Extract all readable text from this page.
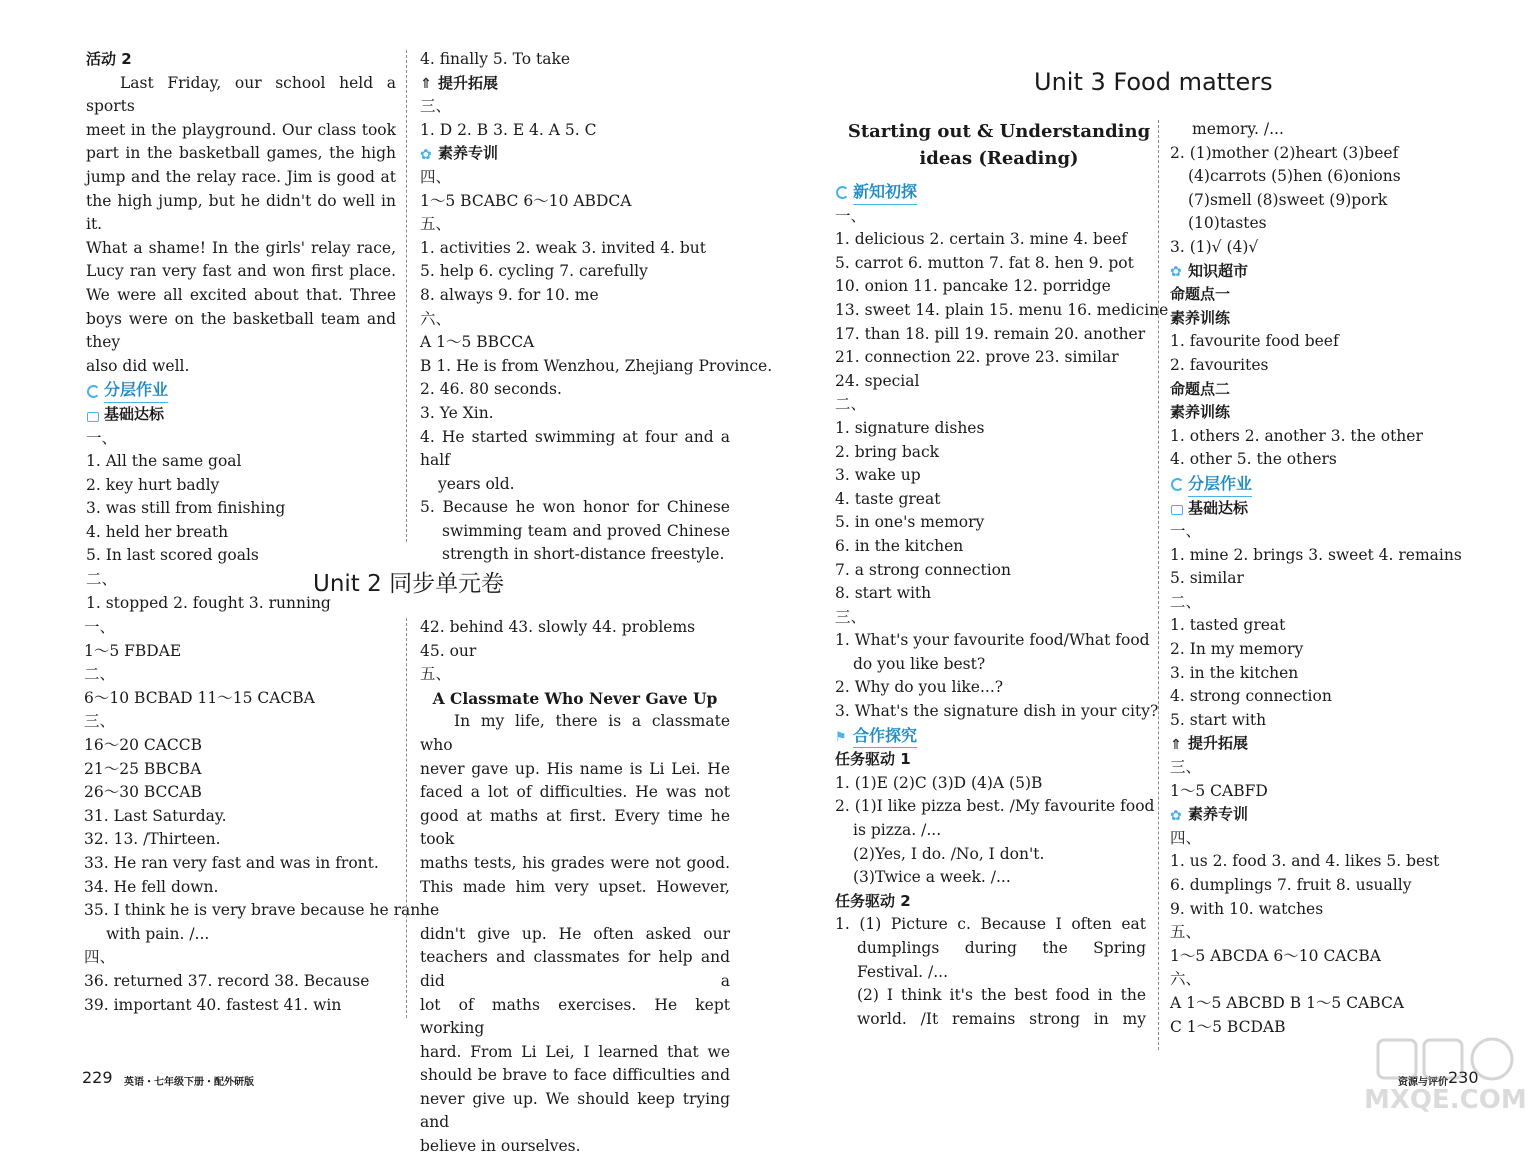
活动 2
Last Friday, our school held a sports
meet in the playground. Our class took
part in the basketball games, the high
jump and the relay race. Jim is good at
the high jump, but he didn't do well in it.
What a shame! In the girls' relay race,
Lucy ran very fast and won first place.
We were all excited about that. Three
boys were on the basketball team and they
also did well.
分层作业
基础达标
一、
1. All the same goal
2. key hurt badly
3. was still from finishing
4. held her breath
5. In last scored goals
二、
1. stopped 2. fought 3. running
4. finally 5. To take
⇑
提升拓展
三、
1. D 2. B 3. E 4. A 5. C
✿
素养专训
四、
1～5 BCABC 6～10 ABDCA
五、
1. activities 2. weak 3. invited 4. but
5. help 6. cycling 7. carefully
8. always 9. for 10. me
六、
A 1～5 BBCCA
B 1. He is from Wenzhou, Zhejiang Province.
2. 46. 80 seconds.
3. Ye Xin.
4. He started swimming at four and a half
years old.
5. Because he won honor for Chinese
swimming team and proved Chinese
strength in short-distance freestyle.
Unit 2 同步单元卷
一、
1～5 FBDAE
二、
6～10 BCBAD 11～15 CACBA
三、
16～20 CACCB
21～25 BBCBA
26～30 BCCAB
31. Last Saturday.
32. 13. /Thirteen.
33. He ran very fast and was in front.
34. He fell down.
35. I think he is very brave because he ran
with pain. /...
四、
36. returned 37. record 38. Because
39. important 40. fastest 41. win
42. behind 43. slowly 44. problems
45. our
五、
A Classmate Who Never Gave Up
In my life, there is a classmate who
never gave up. His name is Li Lei. He
faced a lot of difficulties. He was not
good at maths at first. Every time he took
maths tests, his grades were not good.
This made him very upset. However, he
didn't give up. He often asked our
teachers and classmates for help and did a
lot of maths exercises. He kept working
hard. From Li Lei, I learned that we
should be brave to face difficulties and
never give up. We should keep trying and
believe in ourselves.
229 英语・七年级下册・配外研版
Unit 3 Food matters
Starting out & Understanding
ideas (Reading)
新知初探
一、
1. delicious 2. certain 3. mine 4. beef
5. carrot 6. mutton 7. fat 8. hen 9. pot
10. onion 11. pancake 12. porridge
13. sweet 14. plain 15. menu 16. medicine
17. than 18. pill 19. remain 20. another
21. connection 22. prove 23. similar
24. special
二、
1. signature dishes
2. bring back
3. wake up
4. taste great
5. in one's memory
6. in the kitchen
7. a strong connection
8. start with
三、
1. What's your favourite food/What food
do you like best?
2. Why do you like...?
3. What's the signature dish in your city?
⚑
合作探究
任务驱动 1
1. (1)E (2)C (3)D (4)A (5)B
2. (1)I like pizza best. /My favourite food
is pizza. /...
(2)Yes, I do. /No, I don't.
(3)Twice a week. /...
任务驱动 2
1. (1) Picture c. Because I often eat
dumplings during the Spring
Festival. /...
(2) I think it's the best food in the
world. /It remains strong in my
memory. /...
2. (1)mother (2)heart (3)beef
(4)carrots (5)hen (6)onions
(7)smell (8)sweet (9)pork
(10)tastes
3. (1)√ (4)√
✿
知识超市
命题点一
素养训练
1. favourite food beef
2. favourites
命题点二
素养训练
1. others 2. another 3. the other
4. other 5. the others
分层作业
基础达标
一、
1. mine 2. brings 3. sweet 4. remains
5. similar
二、
1. tasted great
2. In my memory
3. in the kitchen
4. strong connection
5. start with
⇑
提升拓展
三、
1～5 CABFD
✿
素养专训
四、
1. us 2. food 3. and 4. likes 5. best
6. dumplings 7. fruit 8. usually
9. with 10. watches
五、
1～5 ABCDA 6～10 CACBA
六、
A 1～5 ABCBD B 1～5 CABCA
C 1～5 BCDAB
资源与评价 230
MXQE.COM
